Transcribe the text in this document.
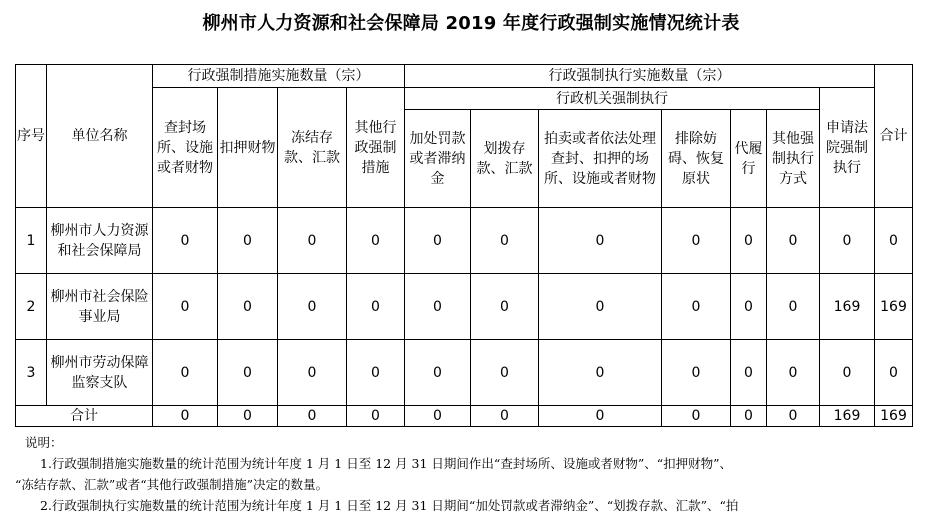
柳州市人力资源和社会保障局 2019 年度行政强制实施情况统计表
序号	单位名称	行政强制措施实施数量（宗）				行政强制执行实施数量（宗）							合计
		查封场所、设施或者财物	扣押财物	冻结存款、汇款	其他行政强制措施	行政机关强制执行						申请法院强制执行	
						加处罚款或者滞纳金	划拨存款、汇款	拍卖或者依法处理查封、扣押的场所、设施或者财物	排除妨碍、恢复原状	代履行	其他强制执行方式		
1	柳州市人力资源和社会保障局	0	0	0	0	0	0	0	0	0	0	0	0
2	柳州市社会保险事业局	0	0	0	0	0	0	0	0	0	0	169	169
3	柳州市劳动保障监察支队	0	0	0	0	0	0	0	0	0	0	0	0
合计		0	0	0	0	0	0	0	0	0	0	169	169
说明：
1.行政强制措施实施数量的统计范围为统计年度 1 月 1 日至 12 月 31 日期间作出“查封场所、设施或者财物”、“扣押财物”、
“冻结存款、汇款”或者“其他行政强制措施”决定的数量。
2.行政强制执行实施数量的统计范围为统计年度 1 月 1 日至 12 月 31 日期间“加处罚款或者滞纳金”、“划拨存款、汇款”、“拍
